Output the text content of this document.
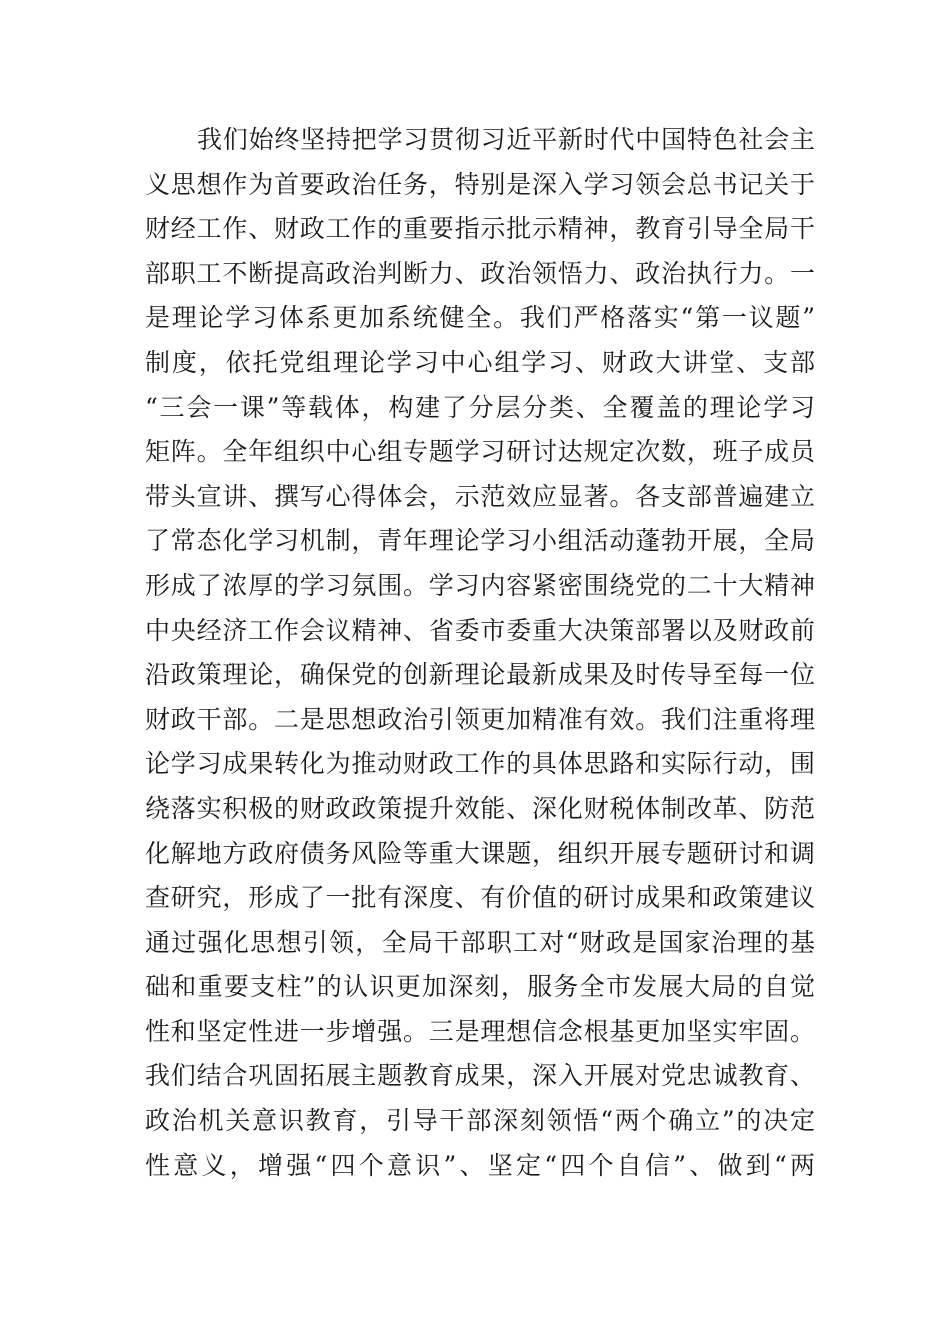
我们始终坚持把学习贯彻习近平新时代中国特色社会主
义思想作为首要政治任务，特别是深入学习领会总书记关于
财经工作、财政工作的重要指示批示精神，教育引导全局干
部职工不断提高政治判断力、政治领悟力、政治执行力。一
是理论学习体系更加系统健全。我们严格落实“第一议题”
制度，依托党组理论学习中心组学习、财政大讲堂、支部
“三会一课”等载体，构建了分层分类、全覆盖的理论学习
矩阵。全年组织中心组专题学习研讨达规定次数，班子成员
带头宣讲、撰写心得体会，示范效应显著。各支部普遍建立
了常态化学习机制，青年理论学习小组活动蓬勃开展，全局
形成了浓厚的学习氛围。学习内容紧密围绕党的二十大精神
中央经济工作会议精神、省委市委重大决策部署以及财政前
沿政策理论，确保党的创新理论最新成果及时传导至每一位
财政干部。二是思想政治引领更加精准有效。我们注重将理
论学习成果转化为推动财政工作的具体思路和实际行动，围
绕落实积极的财政政策提升效能、深化财税体制改革、防范
化解地方政府债务风险等重大课题，组织开展专题研讨和调
查研究，形成了一批有深度、有价值的研讨成果和政策建议
通过强化思想引领，全局干部职工对“财政是国家治理的基
础和重要支柱”的认识更加深刻，服务全市发展大局的自觉
性和坚定性进一步增强。三是理想信念根基更加坚实牢固。
我们结合巩固拓展主题教育成果，深入开展对党忠诚教育、
政治机关意识教育，引导干部深刻领悟“两个确立”的决定
性意义，增强“四个意识”、坚定“四个自信”、做到“两
